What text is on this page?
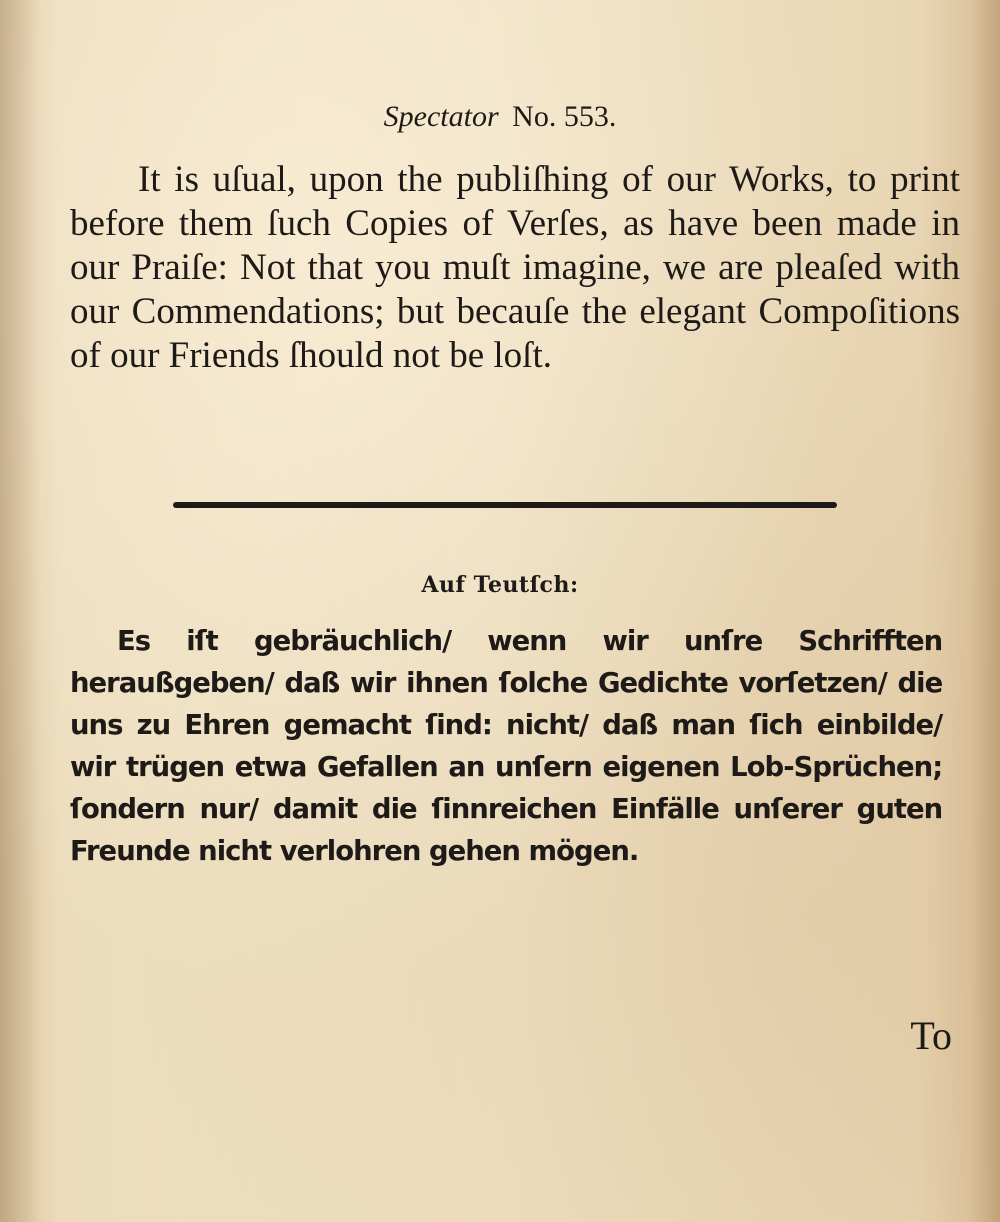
Spectator No. 553.

It is uſual, upon the publiſhing of our Works, to print before them ſuch Copies of Verſes, as have been made in our Praiſe: Not that you muſt imagine, we are pleaſed with our Commendations; but becauſe the elegant Compoſitions of our Friends ſhould not be loſt.

Auf Teutſch:

Es iſt gebräuchlich/ wenn wir unſre Schrifften heraußgeben/ daß wir ihnen ſolche Gedichte vorſetzen/ die uns zu Ehren gemacht ſind: nicht/ daß man ſich einbilde/ wir trügen etwa Gefallen an unſern eigenen Lob-Sprüchen; ſondern nur/ damit die ſinnreichen Einfälle unſerer guten Freunde nicht verlohren gehen mögen.

To
